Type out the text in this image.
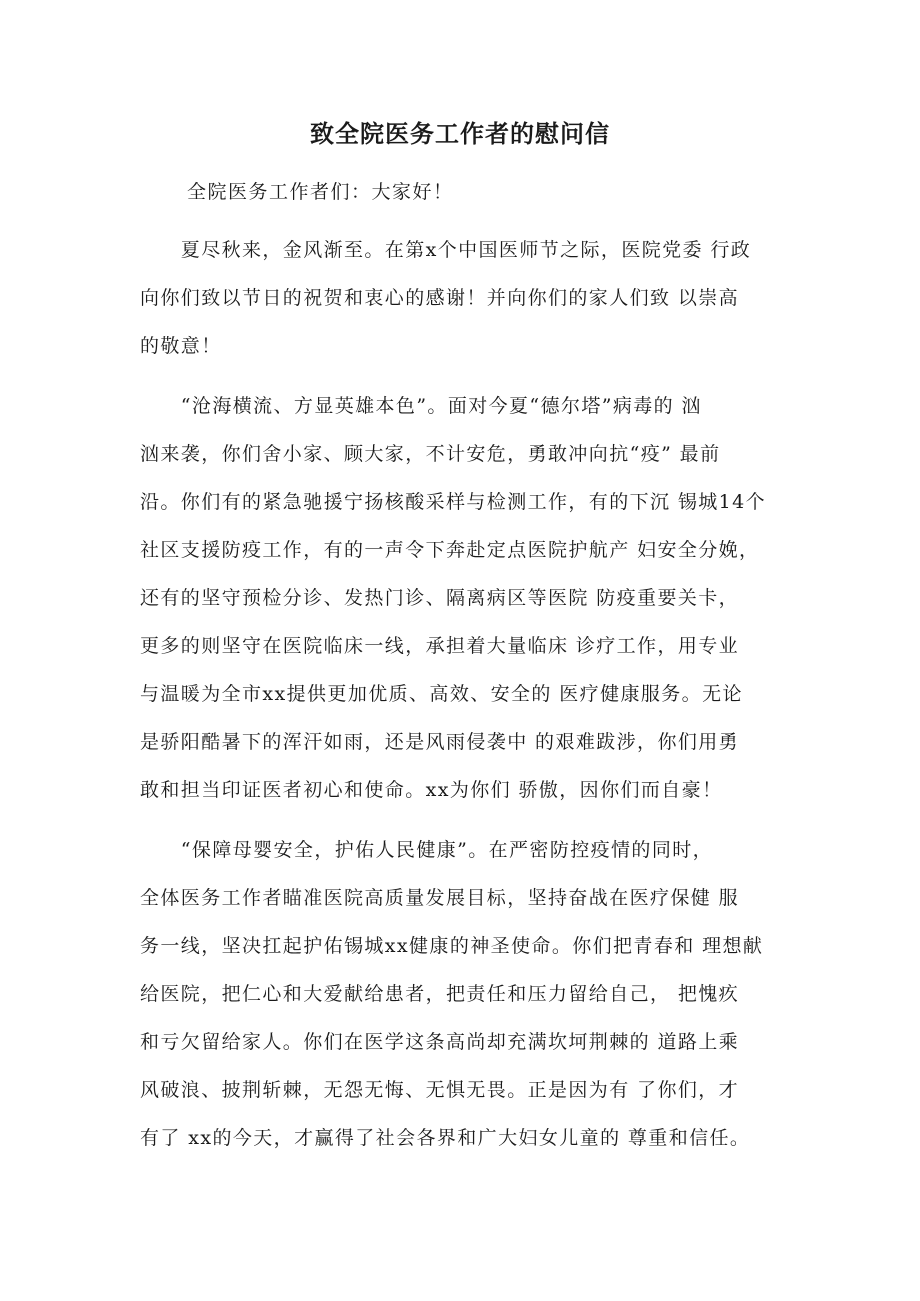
致全院医务工作者的慰问信
全院医务工作者们：大家好！
　　夏尽秋来，金风渐至。在第x个中国医师节之际，医院党委 行政
向你们致以节日的祝贺和衷心的感谢！并向你们的家人们致 以崇高
的敬意！
　　“沧海横流、方显英雄本色”。面对今夏“德尔塔”病毒的 汹
汹来袭，你们舍小家、顾大家，不计安危，勇敢冲向抗“疫” 最前
沿。你们有的紧急驰援宁扬核酸采样与检测工作，有的下沉 锡城14个
社区支援防疫工作，有的一声令下奔赴定点医院护航产 妇安全分娩，
还有的坚守预检分诊、发热门诊、隔离病区等医院 防疫重要关卡，
更多的则坚守在医院临床一线，承担着大量临床 诊疗工作，用专业
与温暖为全市xx提供更加优质、高效、安全的 医疗健康服务。无论
是骄阳酷暑下的浑汗如雨，还是风雨侵袭中 的艰难跋涉，你们用勇
敢和担当印证医者初心和使命。xx为你们 骄傲，因你们而自豪！
　　“保障母婴安全，护佑人民健康”。在严密防控疫情的同时，
全体医务工作者瞄准医院高质量发展目标，坚持奋战在医疗保健 服
务一线，坚决扛起护佑锡城xx健康的神圣使命。你们把青春和 理想献
给医院，把仁心和大爱献给患者，把责任和压力留给自己， 把愧疚
和亏欠留给家人。你们在医学这条高尚却充满坎坷荆棘的 道路上乘
风破浪、披荆斩棘，无怨无悔、无惧无畏。正是因为有 了你们，才
有了 xx的今天，才赢得了社会各界和广大妇女儿童的 尊重和信任。
